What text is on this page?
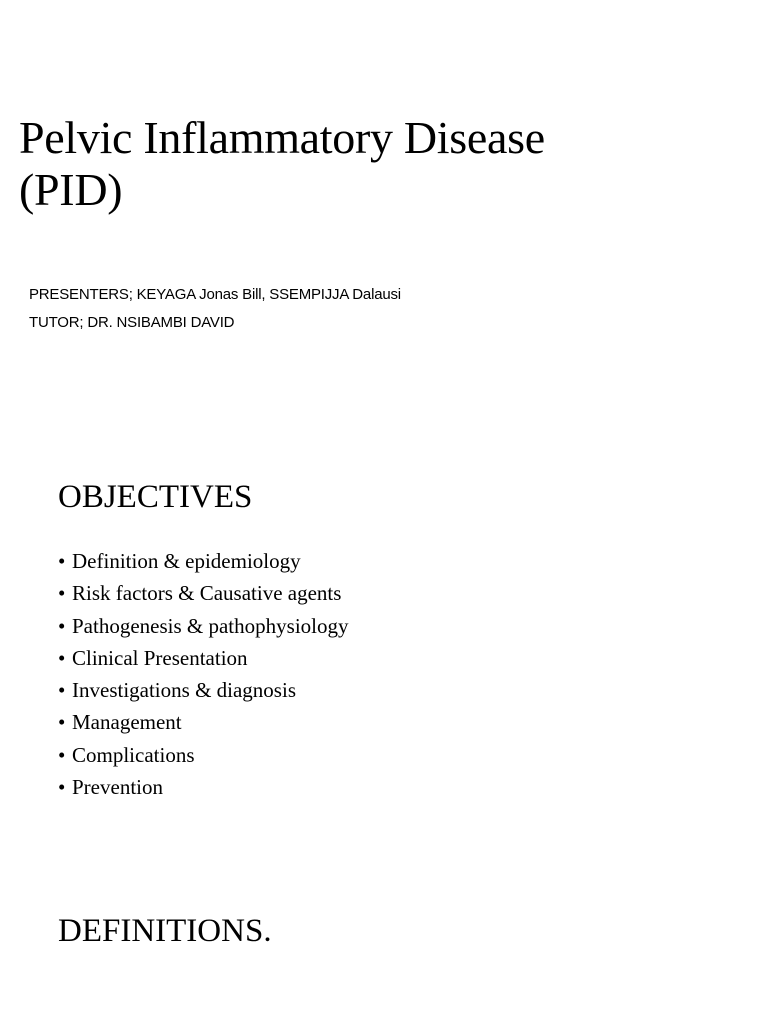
Pelvic Inflammatory Disease
(PID)
PRESENTERS; KEYAGA Jonas Bill, SSEMPIJJA Dalausi
TUTOR; DR. NSIBAMBI DAVID
OBJECTIVES
• Definition & epidemiology
• Risk factors & Causative agents
• Pathogenesis & pathophysiology
• Clinical Presentation
• Investigations & diagnosis
• Management
• Complications
• Prevention
DEFINITIONS.
